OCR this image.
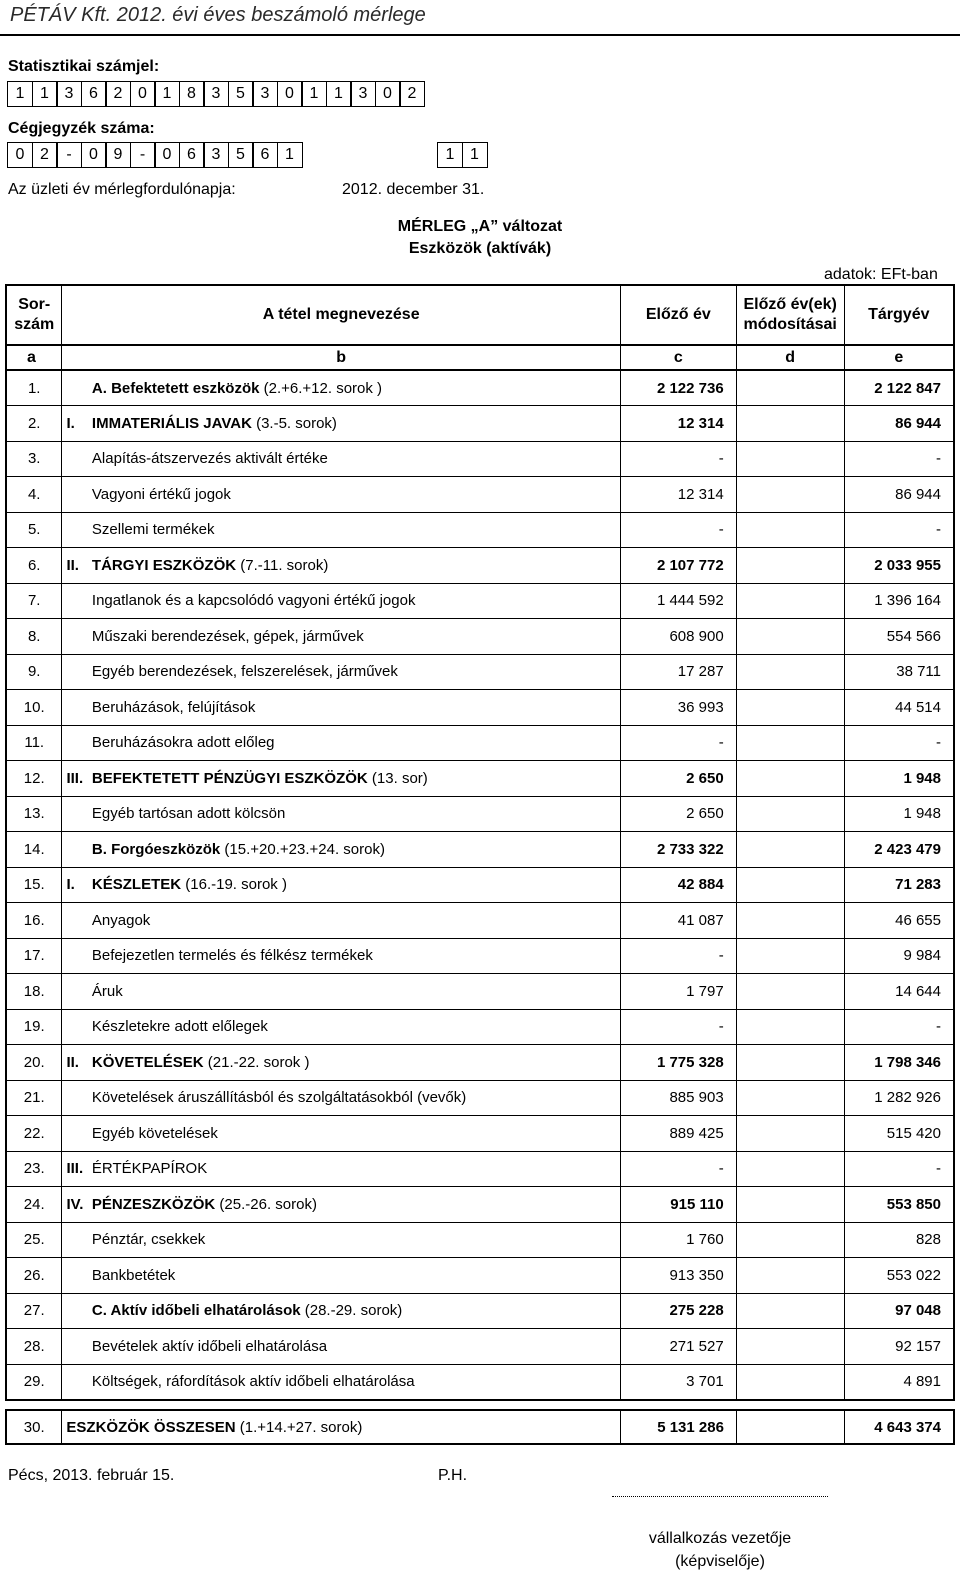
PÉTÁV Kft. 2012. évi éves beszámoló mérlege
Statisztikai számjel:
1 1 3 6 2 0 1 8 3 5 3 0 1 1 3 0 2
Cégjegyzék száma:
0 2	-	0 9	-	0 6 3 5 6 1	1 1
Az üzleti év mérlegfordulónapja:	2012. december 31.
MÉRLEG „A” változat
Eszközök (aktívák)
adatok: EFt-ban
Sor-
szám	A tétel megnevezése		Előző év	Előző év(ek)
módosításai	Tárgyév
a	b		c	d	e
1.		A. Befektetett eszközök (2.+6.+12. sorok )	2 122 736		2 122 847
2.	I.	IMMATERIÁLIS JAVAK (3.-5. sorok)	12 314		86 944
3.		Alapítás-átszervezés aktivált értéke	-		-
4.		Vagyoni értékű jogok	12 314		86 944
5.		Szellemi termékek	-		-
6.	II.	TÁRGYI ESZKÖZÖK (7.-11. sorok)	2 107 772		2 033 955
7.		Ingatlanok és a kapcsolódó vagyoni értékű jogok	1 444 592		1 396 164
8.		Műszaki berendezések, gépek, járművek	608 900		554 566
9.		Egyéb berendezések, felszerelések, járművek	17 287		38 711
10.		Beruházások, felújítások	36 993		44 514
11.		Beruházásokra adott előleg	-		-
12.	III.	BEFEKTETETT PÉNZÜGYI ESZKÖZÖK (13. sor)	2 650		1 948
13.		Egyéb tartósan adott kölcsön	2 650		1 948
14.		B. Forgóeszközök (15.+20.+23.+24. sorok)	2 733 322		2 423 479
15.	I.	KÉSZLETEK (16.-19. sorok )	42 884		71 283
16.		Anyagok	41 087		46 655
17.		Befejezetlen termelés és félkész termékek	-		9 984
18.		Áruk	1 797		14 644
19.		Készletekre adott előlegek	-		-
20.	II.	KÖVETELÉSEK (21.-22. sorok )	1 775 328		1 798 346
21.		Követelések áruszállításból és szolgáltatásokból (vevők)	885 903		1 282 926
22.		Egyéb követelések	889 425		515 420
23.	III.	ÉRTÉKPAPÍROK	-		-
24.	IV.	PÉNZESZKÖZÖK (25.-26. sorok)	915 110		553 850
25.		Pénztár, csekkek	1 760		828
26.		Bankbetétek	913 350		553 022
27.		C. Aktív időbeli elhatárolások (28.-29. sorok)	275 228		97 048
28.		Bevételek aktív időbeli elhatárolása	271 527		92 157
29.		Költségek, ráfordítások aktív időbeli elhatárolása	3 701		4 891
30.	ESZKÖZÖK ÖSSZESEN (1.+14.+27. sorok)	5 131 286		4 643 374
Pécs, 2013. február 15.	P.H.
vállalkozás vezetője
(képviselője)
